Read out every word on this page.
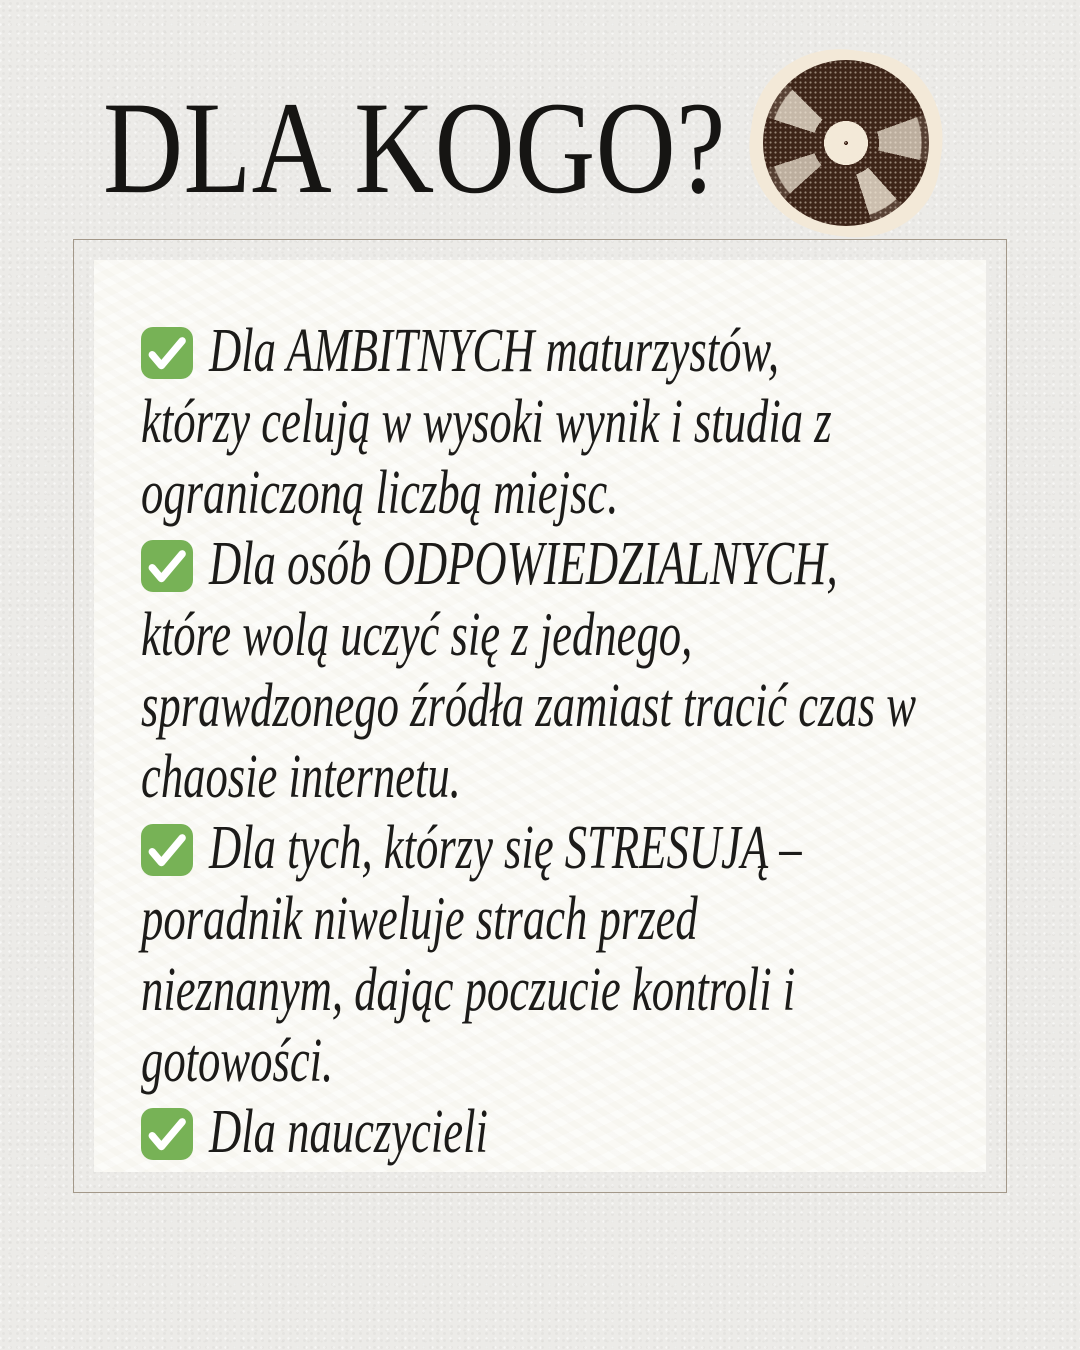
DLA KOGO?
Dla AMBITNYCH maturzystów,
którzy celują w wysoki wynik i studia z
ograniczoną liczbą miejsc.
Dla osób ODPOWIEDZIALNYCH,
które wolą uczyć się z jednego,
sprawdzonego źródła zamiast tracić czas w
chaosie internetu.
Dla tych, którzy się STRESUJĄ –
poradnik niweluje strach przed
nieznanym, dając poczucie kontroli i
gotowości.
Dla nauczycieli
